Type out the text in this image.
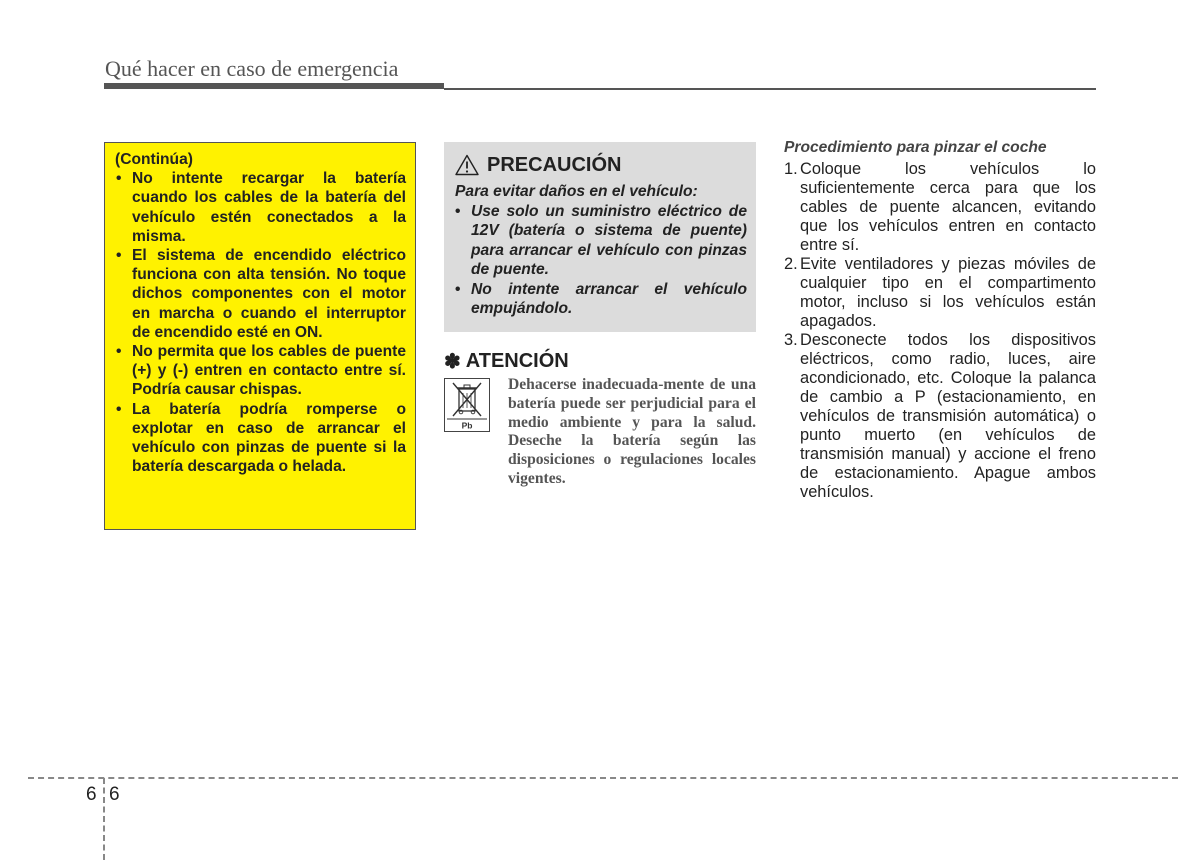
Qué hacer en caso de emergencia

(Continúa)

• No intente recargar la batería cuando los cables de la batería del vehículo estén conectados a la misma.
• El sistema de encendido eléctrico funciona con alta tensión. No toque dichos componentes con el motor en marcha o cuando el interruptor de encendido esté en ON.
• No permita que los cables de puente (+) y (-) entren en contacto entre sí. Podría causar chispas.
• La batería podría romperse o explotar en caso de arrancar el vehículo con pinzas de puente si la batería descargada o helada.
PRECAUCIÓN
Para evitar daños en el vehículo:
• Use solo un suministro eléctrico de 12V (batería o sistema de puente) para arrancar el vehículo con pinzas de puente.
• No intente arrancar el vehículo empujándolo.
✽ ATENCIÓN
Pb
Dehacerse inadecuada-mente de una batería puede ser perjudicial para el medio ambiente y para la salud. Deseche la batería según las disposiciones o regulaciones locales vigentes.
Procedimiento para pinzar el coche
1. Coloque los vehículos lo suficientemente cerca para que los cables de puente alcancen, evitando que los vehículos entren en contacto entre sí.
2. Evite ventiladores y piezas móviles de cualquier tipo en el compartimento motor, incluso si los vehículos están apagados.
3. Desconecte todos los dispositivos eléctricos, como radio, luces, aire acondicionado, etc. Coloque la palanca de cambio a P (estacionamiento, en vehículos de transmisión automática) o punto muerto (en vehículos de transmisión manual) y accione el freno de estacionamiento. Apague ambos vehículos.
6 6
